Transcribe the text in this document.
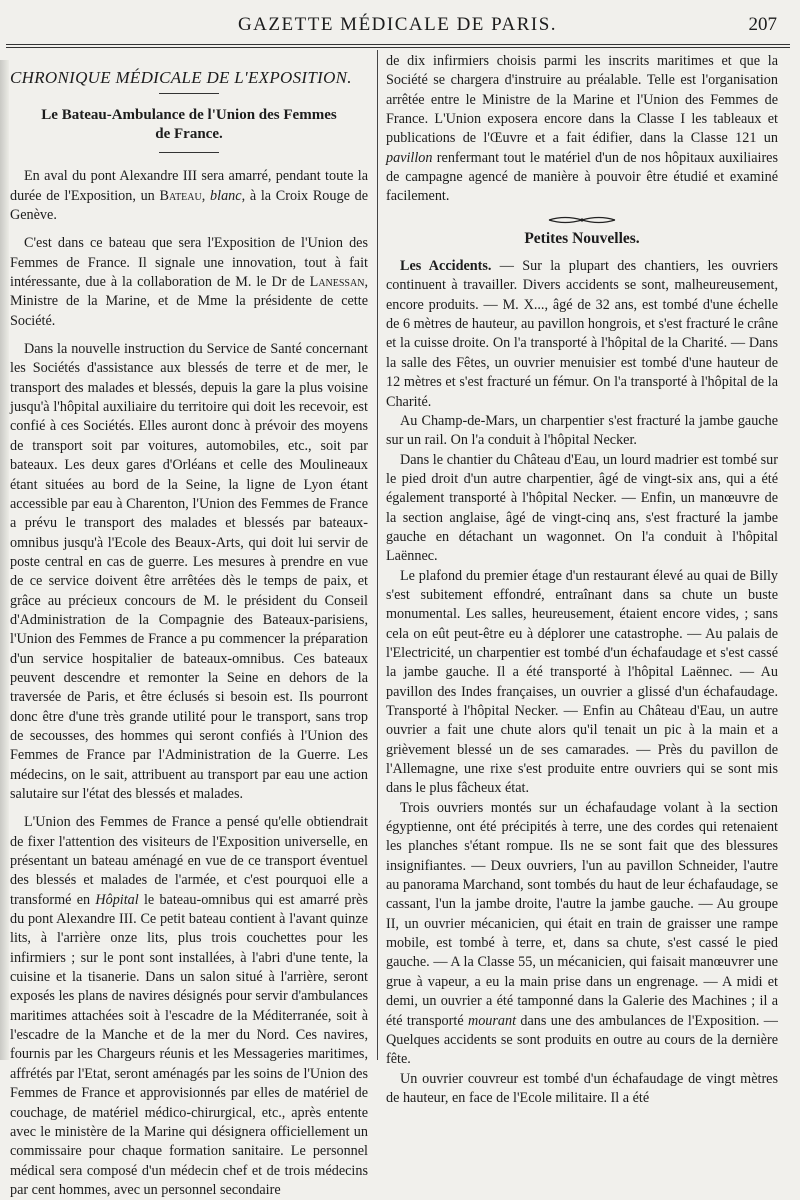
GAZETTE MÉDICALE DE PARIS.	207
CHRONIQUE MÉDICALE DE L'EXPOSITION.
Le Bateau-Ambulance de l'Union des Femmes
de France.

En aval du pont Alexandre III sera amarré, pendant toute la durée de l'Exposition, un Bateau, blanc, à la Croix Rouge de Genève.

C'est dans ce bateau que sera l'Exposition de l'Union des Femmes de France. Il signale une innovation, tout à fait intéressante, due à la collaboration de M. le Dr de Lanessan, Ministre de la Marine, et de Mme la présidente de cette Société.

Dans la nouvelle instruction du Service de Santé concernant les Sociétés d'assistance aux blessés de terre et de mer, le transport des malades et blessés, depuis la gare la plus voisine jusqu'à l'hôpital auxiliaire du territoire qui doit les recevoir, est confié à ces Sociétés. Elles auront donc à prévoir des moyens de transport soit par voitures, automobiles, etc., soit par bateaux. Les deux gares d'Orléans et celle des Moulineaux étant situées au bord de la Seine, la ligne de Lyon étant accessible par eau à Charenton, l'Union des Femmes de France a prévu le transport des malades et blessés par bateaux-omnibus jusqu'à l'Ecole des Beaux-Arts, qui doit lui servir de poste central en cas de guerre. Les mesures à prendre en vue de ce service doivent être arrêtées dès le temps de paix, et grâce au précieux concours de M. le président du Conseil d'Administration de la Compagnie des Bateaux-parisiens, l'Union des Femmes de France a pu commencer la préparation d'un service hospitalier de bateaux-omnibus. Ces bateaux peuvent descendre et remonter la Seine en dehors de la traversée de Paris, et être éclusés si besoin est. Ils pourront donc être d'une très grande utilité pour le transport, sans trop de secousses, des hommes qui seront confiés à l'Union des Femmes de France par l'Administration de la Guerre. Les médecins, on le sait, attribuent au transport par eau une action salutaire sur l'état des blessés et malades.

L'Union des Femmes de France a pensé qu'elle obtiendrait de fixer l'attention des visiteurs de l'Exposition universelle, en présentant un bateau aménagé en vue de ce transport éventuel des blessés et malades de l'armée, et c'est pourquoi elle a transformé en Hôpital le bateau-omnibus qui est amarré près du pont Alexandre III. Ce petit bateau contient à l'avant quinze lits, à l'arrière onze lits, plus trois couchettes pour les infirmiers ; sur le pont sont installées, à l'abri d'une tente, la cuisine et la tisanerie. Dans un salon situé à l'arrière, seront exposés les plans de navires désignés pour servir d'ambulances maritimes attachées soit à l'escadre de la Méditerranée, soit à l'escadre de la Manche et de la mer du Nord. Ces navires, fournis par les Chargeurs réunis et les Messageries maritimes, affrétés par l'Etat, seront aménagés par les soins de l'Union des Femmes de France et approvisionnés par elles de matériel de couchage, de matériel médico-chirurgical, etc., après entente avec le ministère de la Marine qui désignera officiellement un commissaire pour chaque formation sanitaire. Le personnel médical sera composé d'un médecin chef et de trois médecins par cent hommes, avec un personnel secondaire

de dix infirmiers choisis parmi les inscrits maritimes et que la Société se chargera d'instruire au préalable. Telle est l'organisation arrêtée entre le Ministre de la Marine et l'Union des Femmes de France. L'Union exposera encore dans la Classe I les tableaux et publications de l'Œuvre et a fait édifier, dans la Classe 121 un pavillon renfermant tout le matériel d'un de nos hôpitaux auxiliaires de campagne agencé de manière à pouvoir être étudié et examiné facilement.

Petites Nouvelles.

Les Accidents. — Sur la plupart des chantiers, les ouvriers continuent à travailler. Divers accidents se sont, malheureusement, encore produits. — M. X..., âgé de 32 ans, est tombé d'une échelle de 6 mètres de hauteur, au pavillon hongrois, et s'est fracturé le crâne et la cuisse droite. On l'a transporté à l'hôpital de la Charité. — Dans la salle des Fêtes, un ouvrier menuisier est tombé d'une hauteur de 12 mètres et s'est fracturé un fémur. On l'a transporté à l'hôpital de la Charité.

Au Champ-de-Mars, un charpentier s'est fracturé la jambe gauche sur un rail. On l'a conduit à l'hôpital Necker.

Dans le chantier du Château d'Eau, un lourd madrier est tombé sur le pied droit d'un autre charpentier, âgé de vingt-six ans, qui a été également transporté à l'hôpital Necker. — Enfin, un manœuvre de la section anglaise, âgé de vingt-cinq ans, s'est fracturé la jambe gauche en détachant un wagonnet. On l'a conduit à l'hôpital Laënnec.

Le plafond du premier étage d'un restaurant élevé au quai de Billy s'est subitement effondré, entraînant dans sa chute un buste monumental. Les salles, heureusement, étaient encore vides, ; sans cela on eût peut-être eu à déplorer une catastrophe. — Au palais de l'Electricité, un charpentier est tombé d'un échafaudage et s'est cassé la jambe gauche. Il a été transporté à l'hôpital Laënnec. — Au pavillon des Indes françaises, un ouvrier a glissé d'un échafaudage. Transporté à l'hôpital Necker. — Enfin au Château d'Eau, un autre ouvrier a fait une chute alors qu'il tenait un pic à la main et a grièvement blessé un de ses camarades. — Près du pavillon de l'Allemagne, une rixe s'est produite entre ouvriers qui se sont mis dans le plus fâcheux état.

Trois ouvriers montés sur un échafaudage volant à la section égyptienne, ont été précipités à terre, une des cordes qui retenaient les planches s'étant rompue. Ils ne se sont fait que des blessures insignifiantes. — Deux ouvriers, l'un au pavillon Schneider, l'autre au panorama Marchand, sont tombés du haut de leur échafaudage, se cassant, l'un la jambe droite, l'autre la jambe gauche. — Au groupe II, un ouvrier mécanicien, qui était en train de graisser une rampe mobile, est tombé à terre, et, dans sa chute, s'est cassé le pied gauche. — A la Classe 55, un mécanicien, qui faisait manœuvrer une grue à vapeur, a eu la main prise dans un engrenage. — A midi et demi, un ouvrier a été tamponné dans la Galerie des Machines ; il a été transporté mourant dans une des ambulances de l'Exposition. — Quelques accidents se sont produits en outre au cours de la dernière fête.

Un ouvrier couvreur est tombé d'un échafaudage de vingt mètres de hauteur, en face de l'Ecole militaire. Il a été
